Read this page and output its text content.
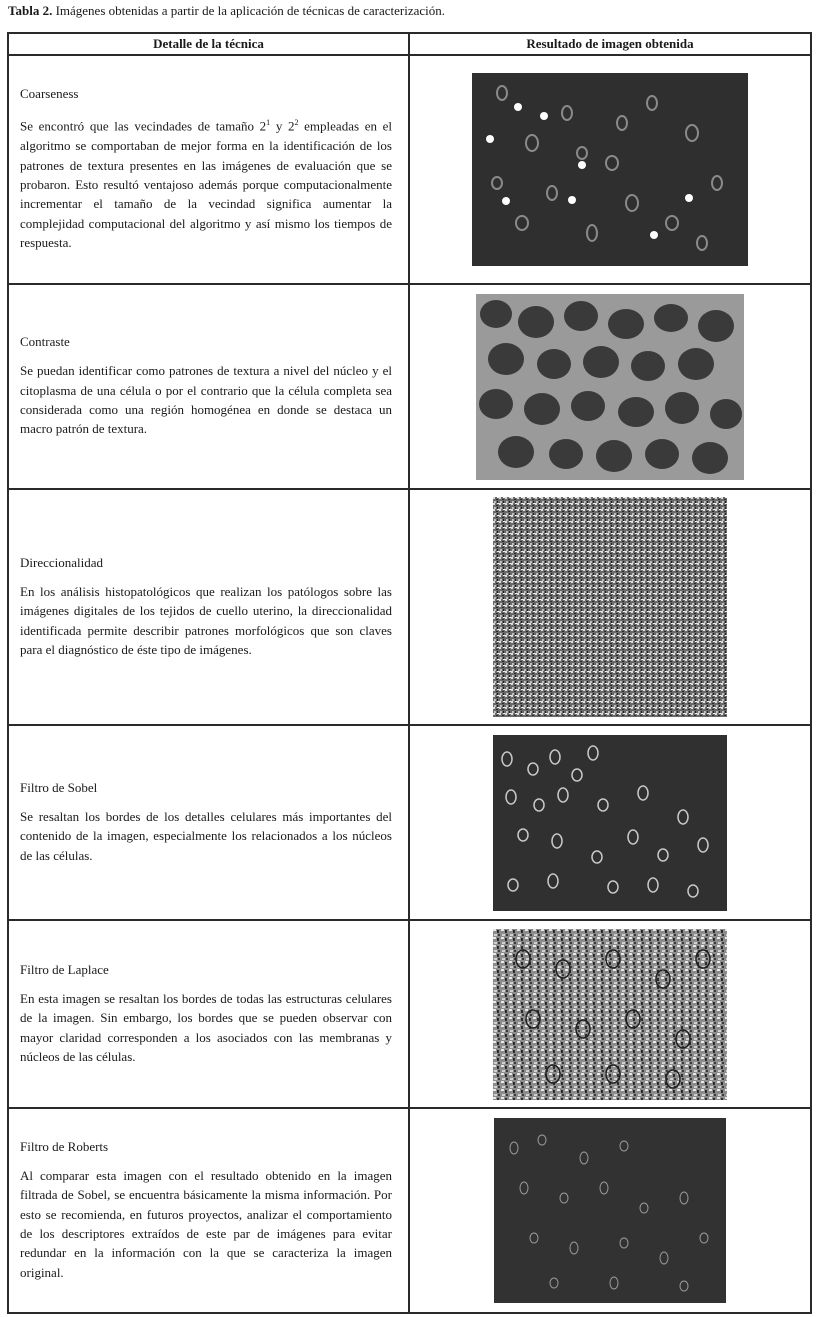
Tabla 2. Imágenes obtenidas a partir de la aplicación de técnicas de caracterización.
Detalle de la técnica	Resultado de imagen obtenida

Coarseness

Se encontró que las vecindades de tamaño $2^1$ y $2^2$ empleadas en el algoritmo se comportaban de mejor forma en la identificación de los patrones de textura presentes en las imágenes de evaluación que se probaron. Esto resultó ventajoso además porque computacionalmente incrementar el tamaño de la vecindad significa aumentar la complejidad computacional del algoritmo y así mismo los tiempos de respuesta.

Contraste

Se puedan identificar como patrones de textura a nivel del núcleo y el citoplasma de una célula o por el contrario que la célula completa sea considerada como una región homogénea en donde se destaca un macro patrón de textura.

Direccionalidad

En los análisis histopatológicos que realizan los patólogos sobre las imágenes digitales de los tejidos de cuello uterino, la direccionalidad identificada permite describir patrones morfológicos que son claves para el diagnóstico de éste tipo de imágenes.

Filtro de Sobel

Se resaltan los bordes de los detalles celulares más importantes del contenido de la imagen, especialmente los relacionados a los núcleos de las células.

Filtro de Laplace

En esta imagen se resaltan los bordes de todas las estructuras celulares de la imagen. Sin embargo, los bordes que se pueden observar con mayor claridad corresponden a los asociados con las membranas y núcleos de las células.

Filtro de Roberts

Al comparar esta imagen con el resultado obtenido en la imagen filtrada de Sobel, se encuentra básicamente la misma información. Por esto se recomienda, en futuros proyectos, analizar el comportamiento de los descriptores extraídos de este par de imágenes para evitar redundar en la información con la que se caracteriza la imagen original.
